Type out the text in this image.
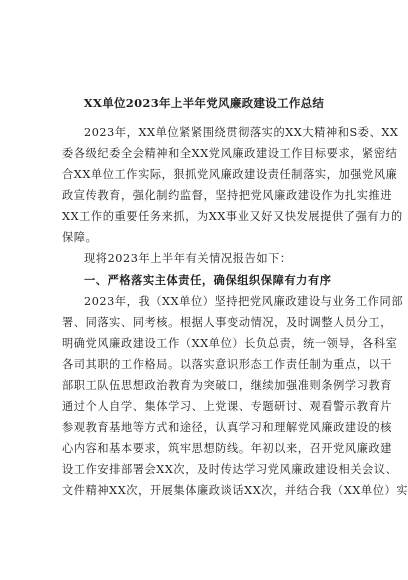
XX单位2023年上半年党风廉政建设工作总结
2023年，XX单位紧紧围绕贯彻落实的XX大精神和S委、XX
委各级纪委全会精神和全XX党风廉政建设工作目标要求，紧密结
合XX单位工作实际，狠抓党风廉政建设责任制落实，加强党风廉
政宣传教育，强化制约监督，坚持把党风廉政建设作为扎实推进
XX工作的重要任务来抓，为XX事业又好又快发展提供了强有力的
保障。
现将2023年上半年有关情况报告如下：
一、严格落实主体责任，确保组织保障有力有序
2023年，我（XX单位）坚持把党风廉政建设与业务工作同部
署、同落实、同考核。根据人事变动情况，及时调整人员分工，
明确党风廉政建设工作（XX单位）长负总责，统一领导，各科室
各司其职的工作格局。以落实意识形态工作责任制为重点，以干
部职工队伍思想政治教育为突破口，继续加强准则条例学习教育
通过个人自学、集体学习、上党课、专题研讨、观看警示教育片
参观教育基地等方式和途径，认真学习和理解党风廉政建设的核
心内容和基本要求，筑牢思想防线。年初以来，召开党风廉政建
设工作安排部署会XX次，及时传达学习党风廉政建设相关会议、
文件精神XX次，开展集体廉政谈话XX次，并结合我（XX单位）实
